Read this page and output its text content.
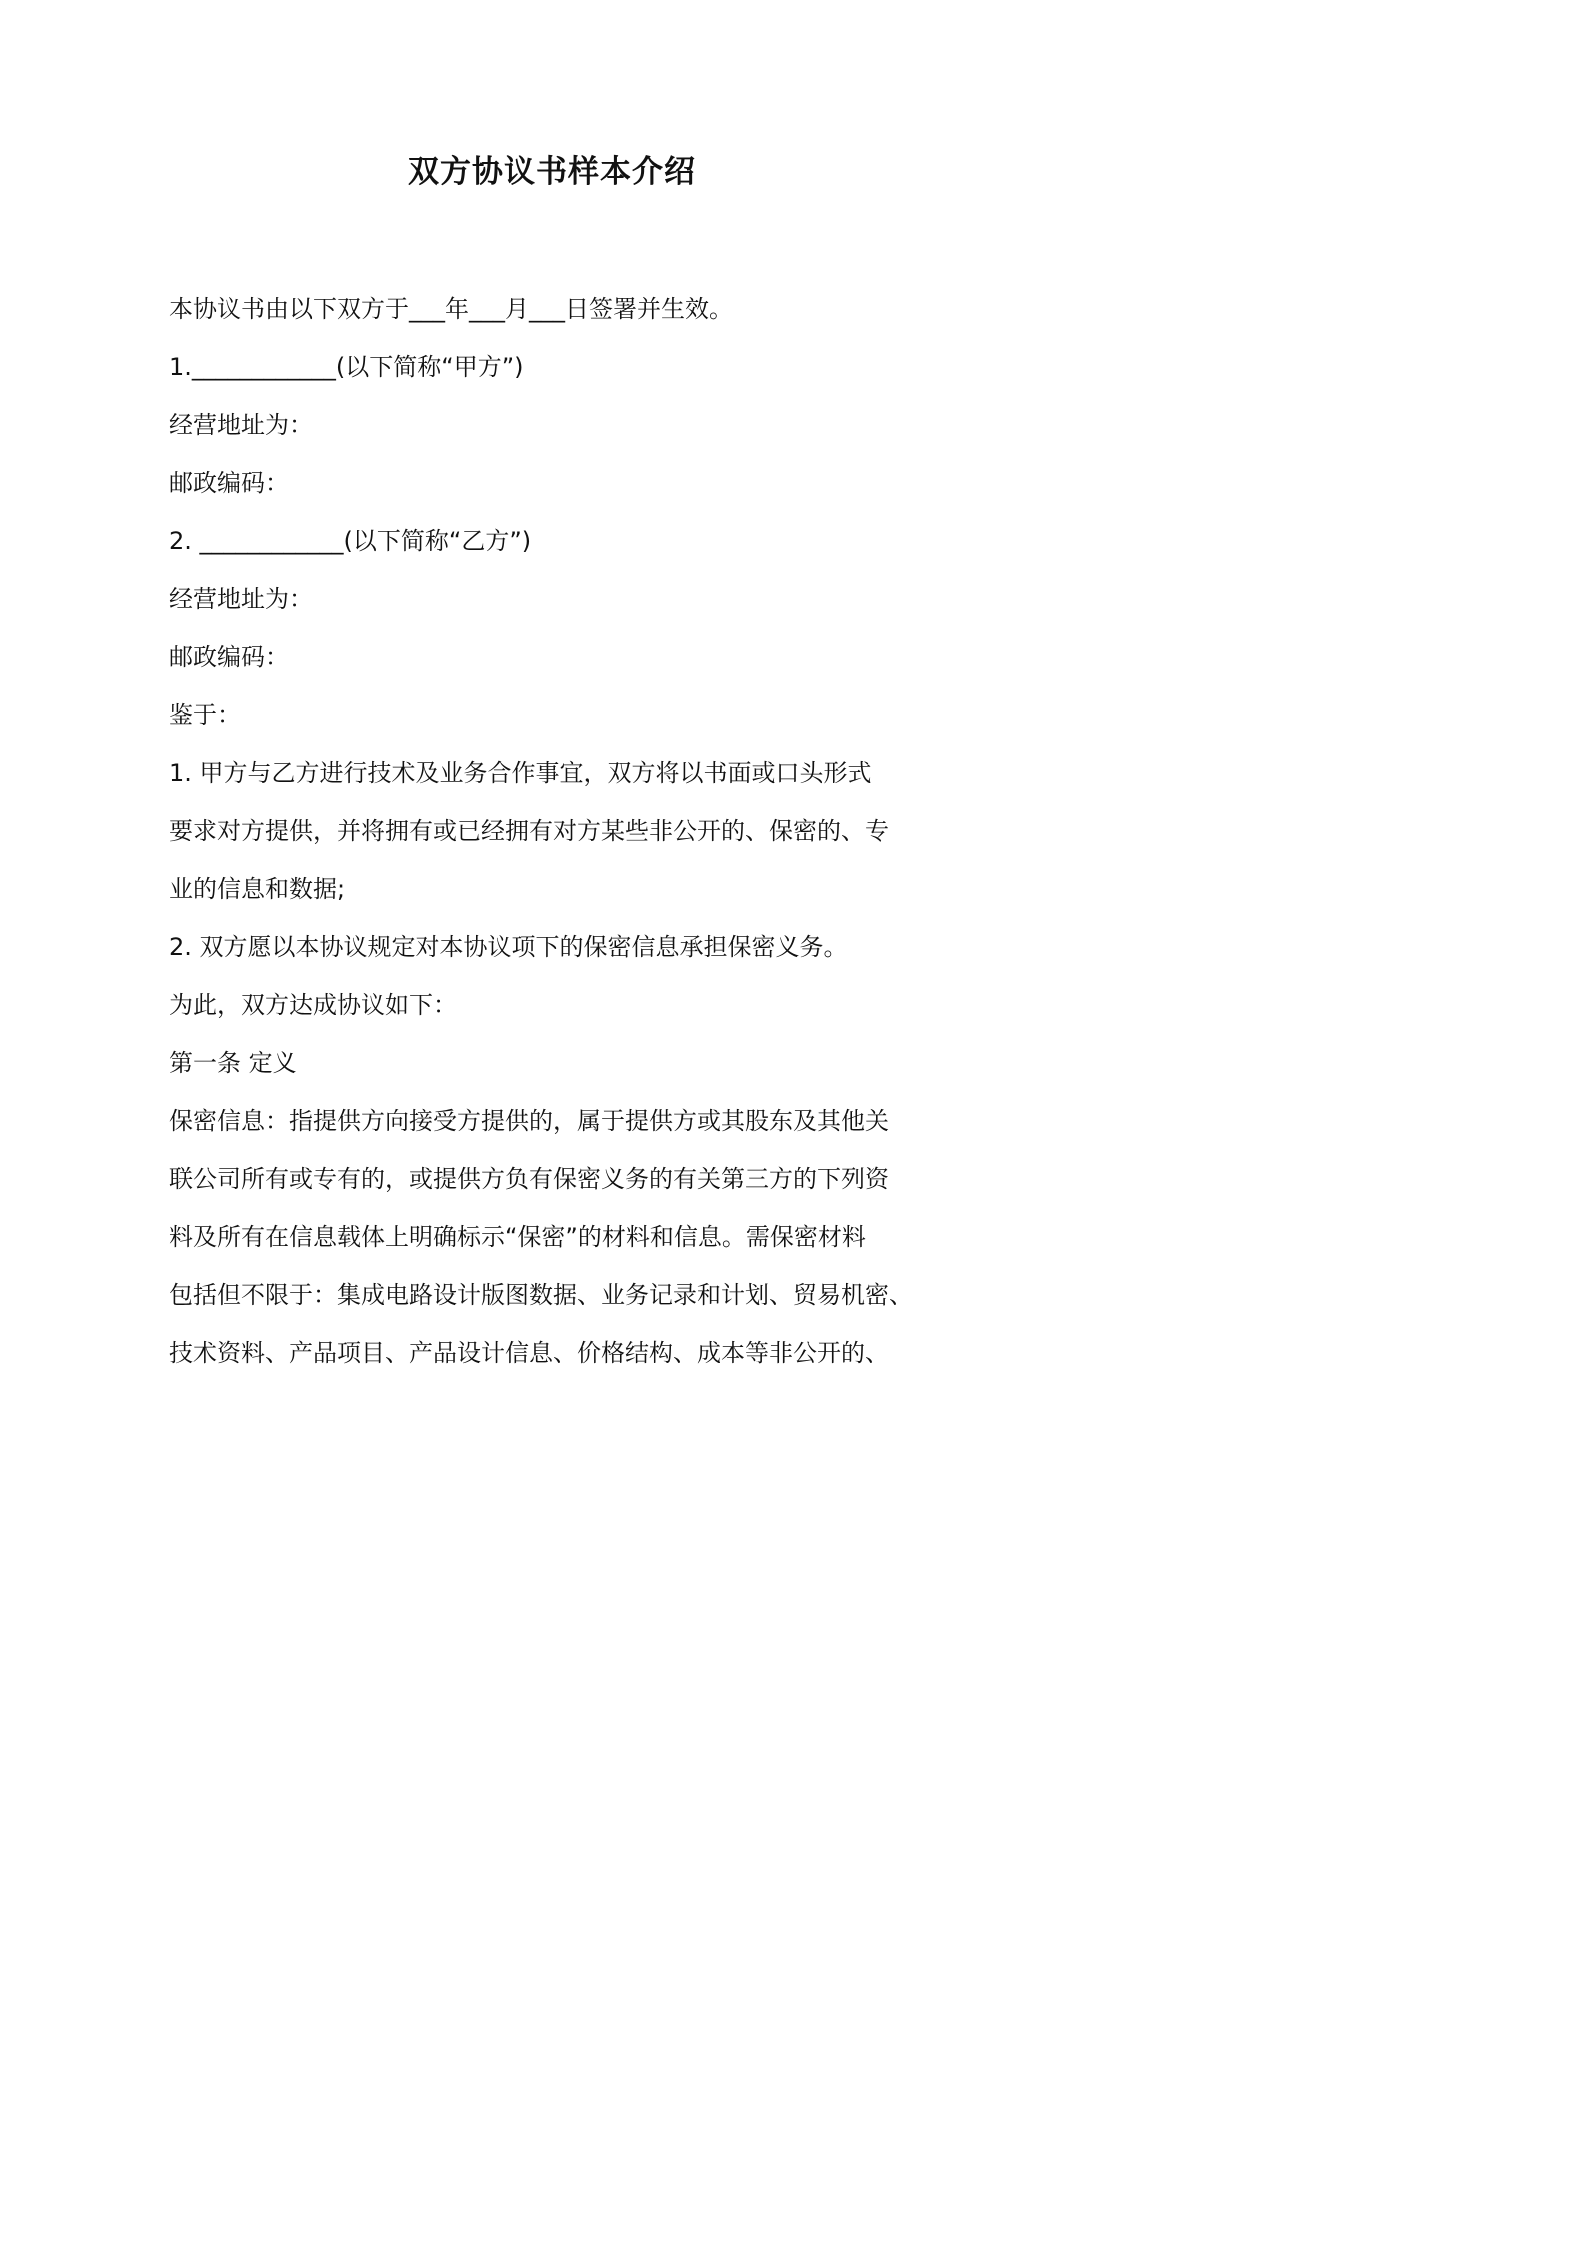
双方协议书样本介绍
本协议书由以下双方于___年___月___日签署并生效。
1.____________(以下简称“甲方”)
经营地址为：
邮政编码：
2. ____________(以下简称“乙方”)
经营地址为：
邮政编码：
鉴于：
1. 甲方与乙方进行技术及业务合作事宜，双方将以书面或口头形式
要求对方提供，并将拥有或已经拥有对方某些非公开的、保密的、专
业的信息和数据;
2. 双方愿以本协议规定对本协议项下的保密信息承担保密义务。
为此，双方达成协议如下：
第一条 定义
保密信息：指提供方向接受方提供的，属于提供方或其股东及其他关
联公司所有或专有的，或提供方负有保密义务的有关第三方的下列资
料及所有在信息载体上明确标示“保密”的材料和信息。需保密材料
包括但不限于：集成电路设计版图数据、业务记录和计划、贸易机密、
技术资料、产品项目、产品设计信息、价格结构、成本等非公开的、
